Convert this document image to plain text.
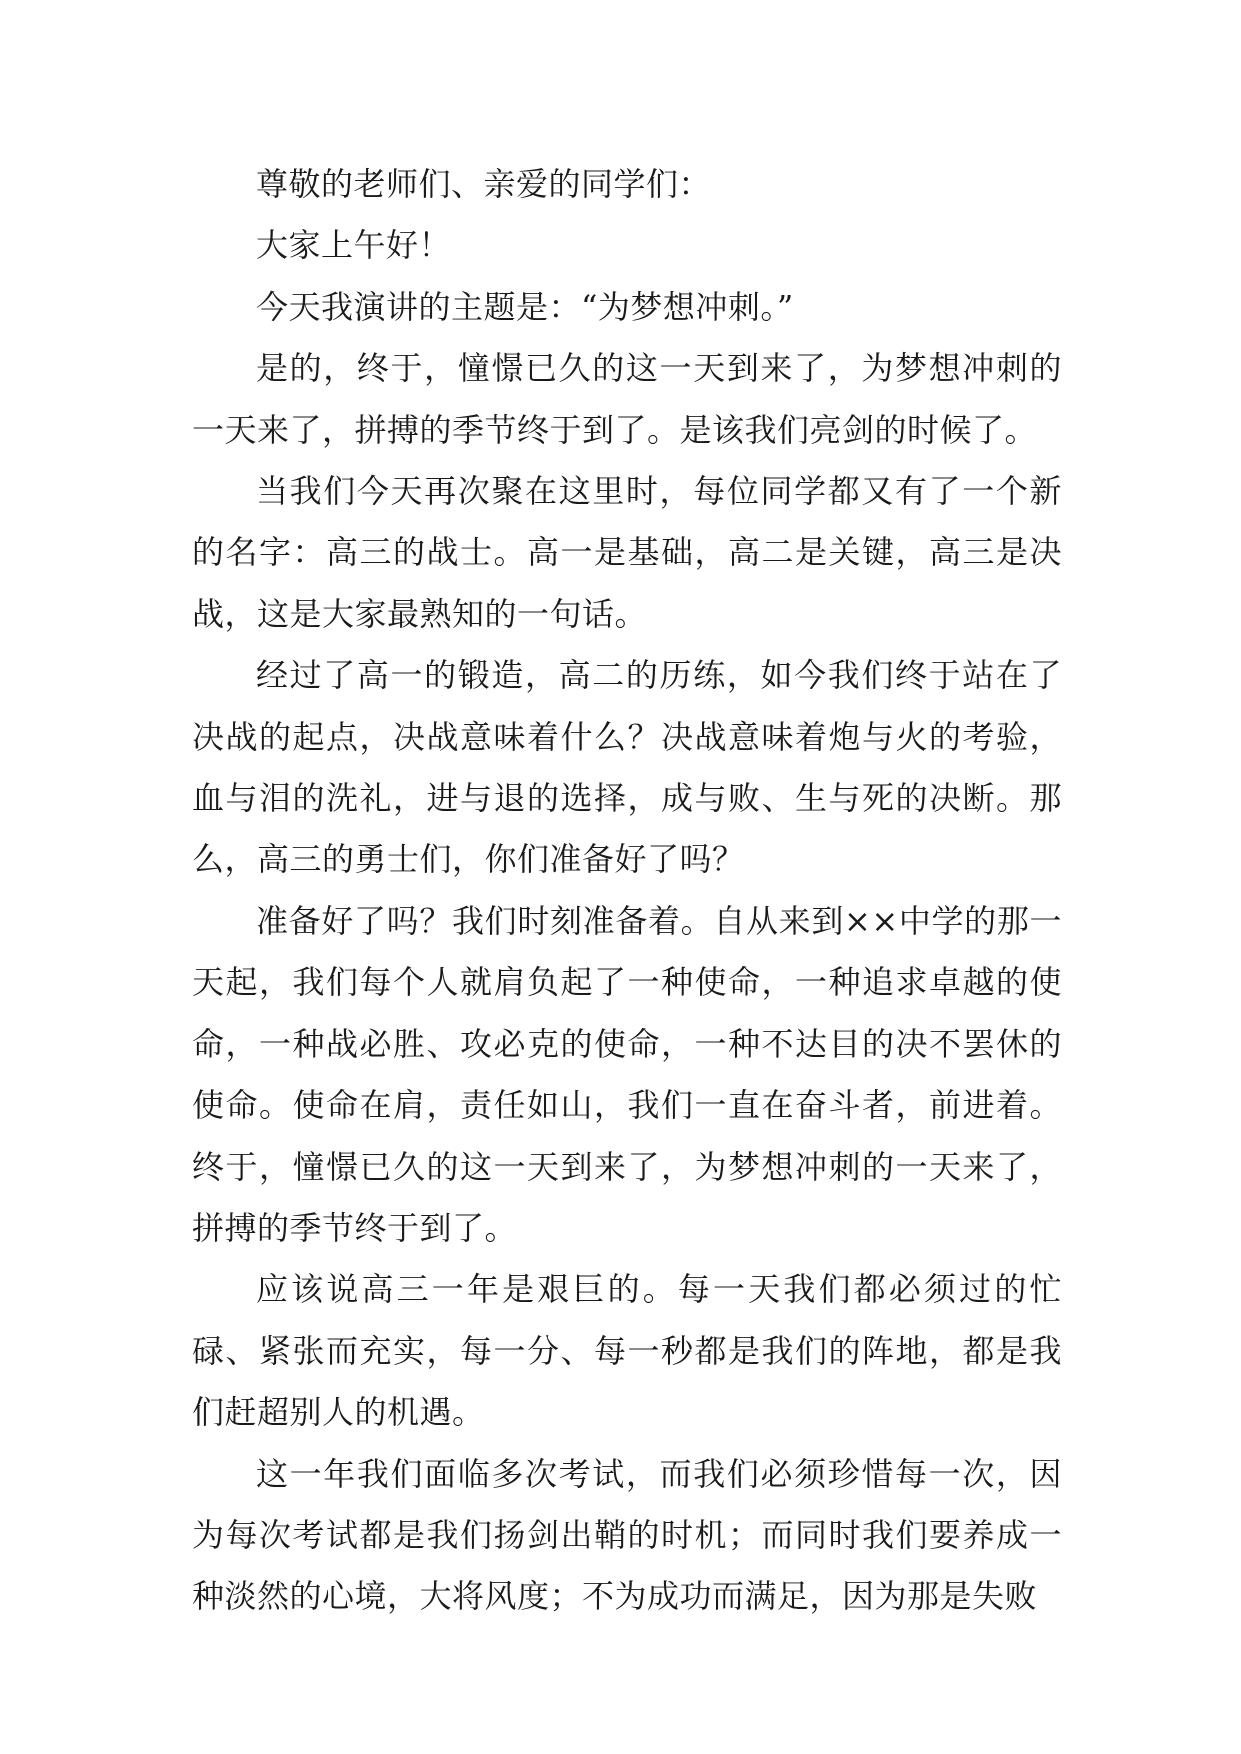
尊敬的老师们、亲爱的同学们：

大家上午好！

今天我演讲的主题是：“为梦想冲刺。”

是的，终于，憧憬已久的这一天到来了，为梦想冲刺的一天来了，拼搏的季节终于到了。是该我们亮剑的时候了。

当我们今天再次聚在这里时，每位同学都又有了一个新的名字：高三的战士。高一是基础，高二是关键，高三是决战，这是大家最熟知的一句话。

经过了高一的锻造，高二的历练，如今我们终于站在了决战的起点，决战意味着什么？决战意味着炮与火的考验，血与泪的洗礼，进与退的选择，成与败、生与死的决断。那么，高三的勇士们，你们准备好了吗？

准备好了吗？我们时刻准备着。自从来到××中学的那一天起，我们每个人就肩负起了一种使命，一种追求卓越的使命，一种战必胜、攻必克的使命，一种不达目的决不罢休的使命。使命在肩，责任如山，我们一直在奋斗者，前进着。终于，憧憬已久的这一天到来了，为梦想冲刺的一天来了，拼搏的季节终于到了。

应该说高三一年是艰巨的。每一天我们都必须过的忙碌、紧张而充实，每一分、每一秒都是我们的阵地，都是我们赶超别人的机遇。

这一年我们面临多次考试，而我们必须珍惜每一次，因为每次考试都是我们扬剑出鞘的时机；而同时我们要养成一种淡然的心境，大将风度；不为成功而满足，因为那是失败
